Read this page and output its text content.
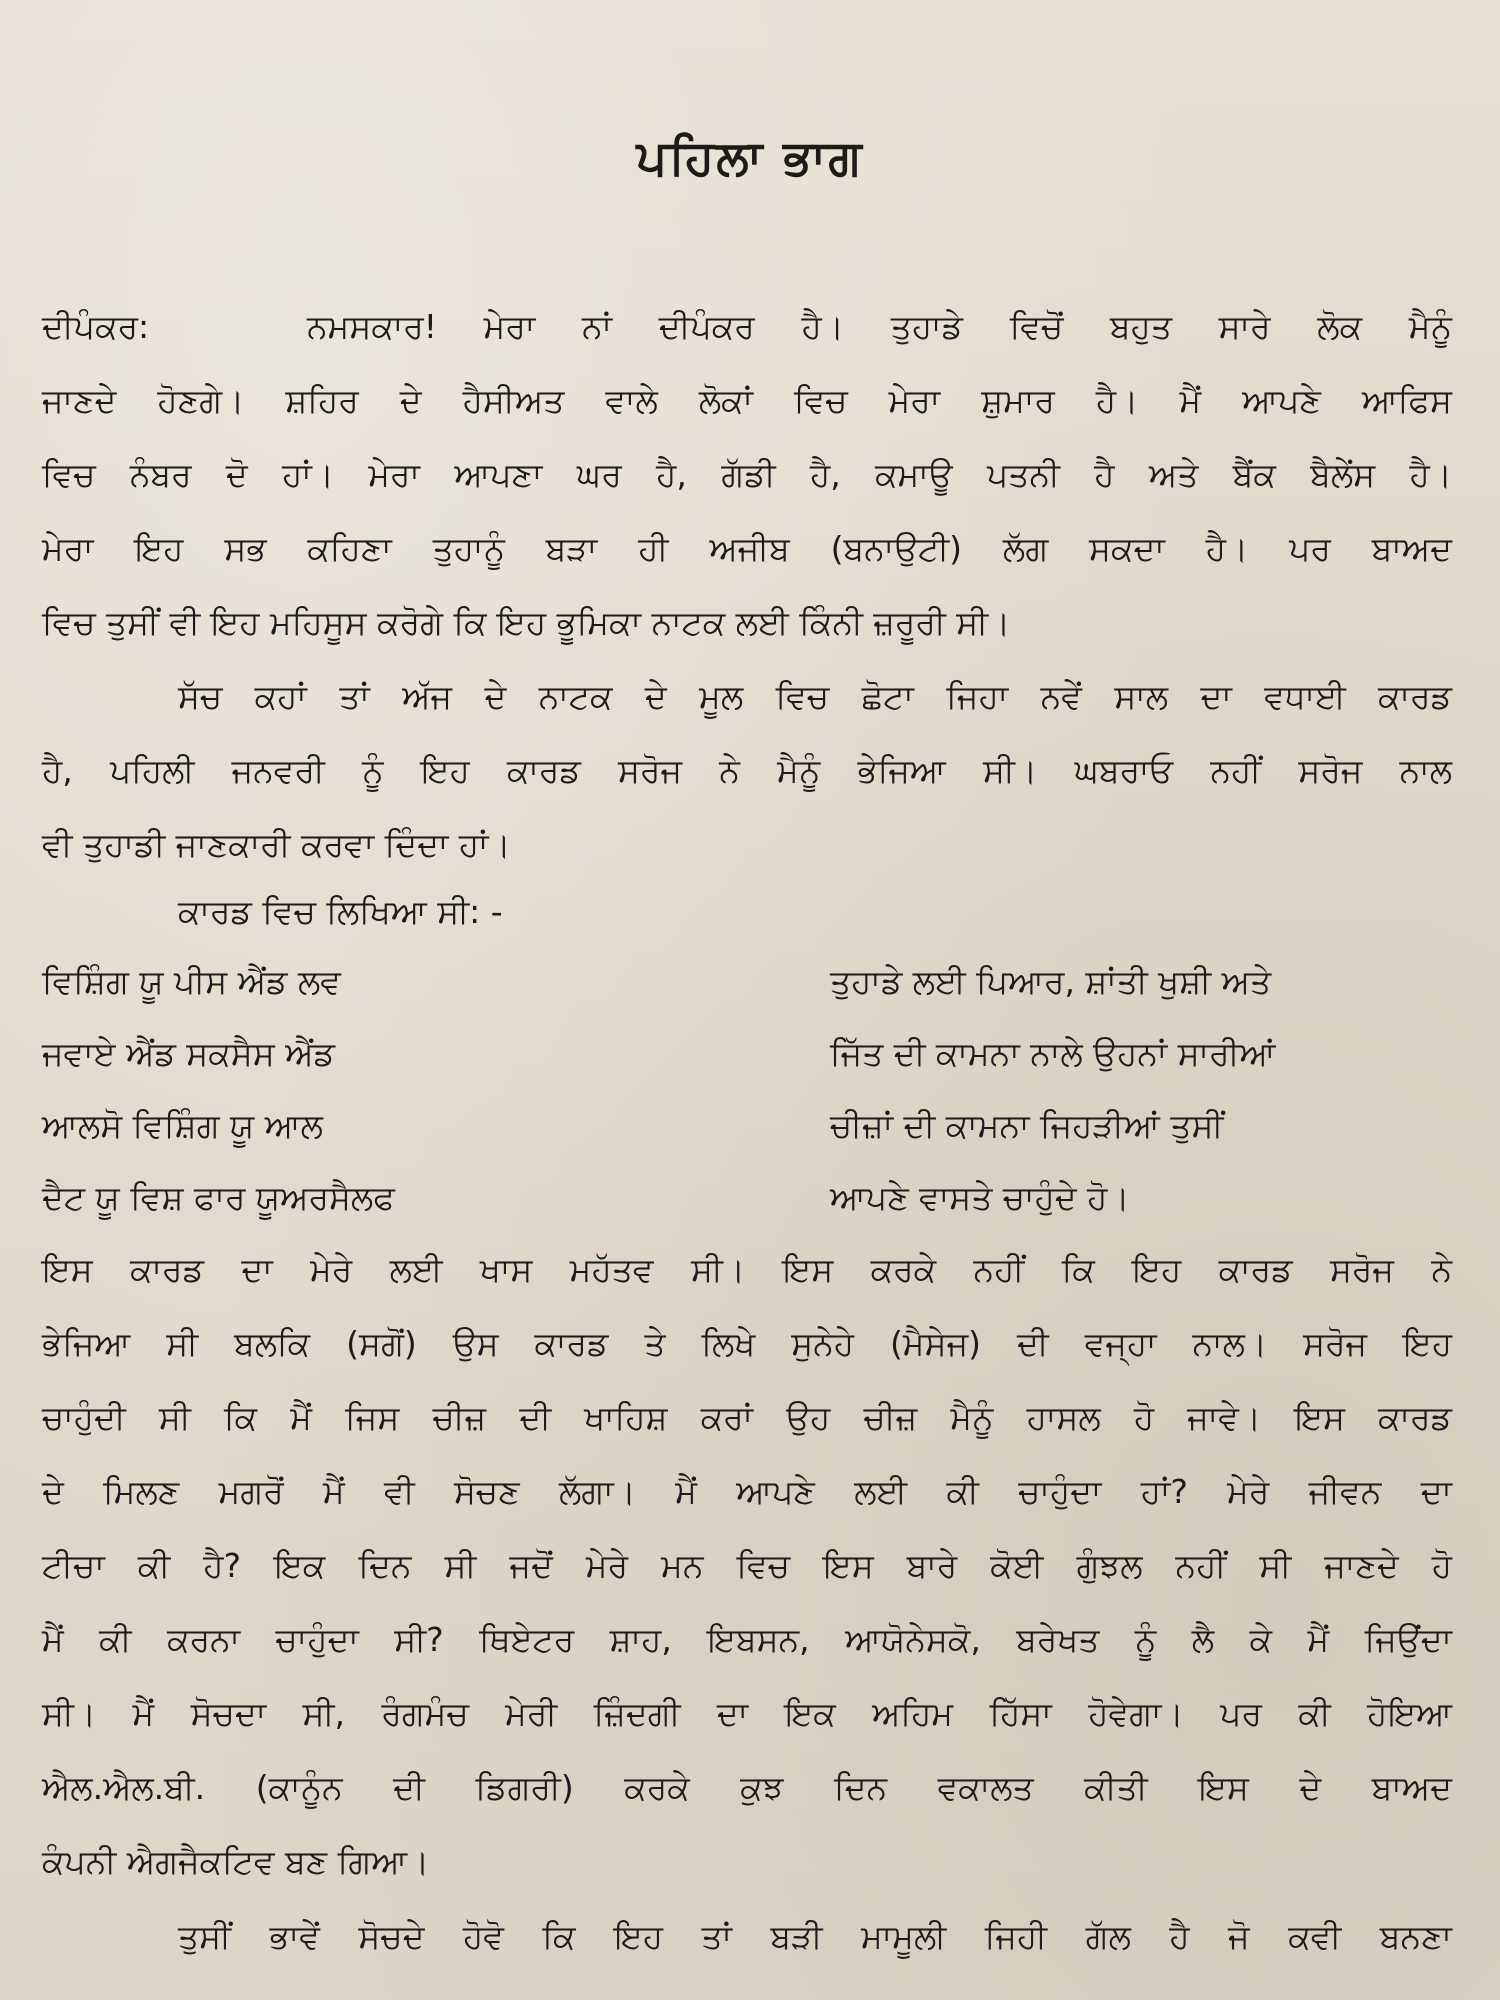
ਪਹਿਲਾ ਭਾਗ
ਦੀਪੰਕਰ:	ਨਮਸਕਾਰ! ਮੇਰਾ ਨਾਂ ਦੀਪੰਕਰ ਹੈ। ਤੁਹਾਡੇ ਵਿਚੋਂ ਬਹੁਤ ਸਾਰੇ ਲੋਕ ਮੈਨੂੰ
ਜਾਣਦੇ ਹੋਣਗੇ। ਸ਼ਹਿਰ ਦੇ ਹੈਸੀਅਤ ਵਾਲੇ ਲੋਕਾਂ ਵਿਚ ਮੇਰਾ ਸ਼ੁਮਾਰ ਹੈ। ਮੈਂ ਆਪਣੇ ਆਫਿਸ
ਵਿਚ ਨੰਬਰ ਦੋ ਹਾਂ। ਮੇਰਾ ਆਪਣਾ ਘਰ ਹੈ, ਗੱਡੀ ਹੈ, ਕਮਾਊ ਪਤਨੀ ਹੈ ਅਤੇ ਬੈਂਕ ਬੈਲੇਂਸ ਹੈ।
ਮੇਰਾ ਇਹ ਸਭ ਕਹਿਣਾ ਤੁਹਾਨੂੰ ਬੜਾ ਹੀ ਅਜੀਬ (ਬਨਾਉਟੀ) ਲੱਗ ਸਕਦਾ ਹੈ। ਪਰ ਬਾਅਦ
ਵਿਚ ਤੁਸੀਂ ਵੀ ਇਹ ਮਹਿਸੂਸ ਕਰੋਗੇ ਕਿ ਇਹ ਭੂਮਿਕਾ ਨਾਟਕ ਲਈ ਕਿੰਨੀ ਜ਼ਰੂਰੀ ਸੀ।
ਸੱਚ ਕਹਾਂ ਤਾਂ ਅੱਜ ਦੇ ਨਾਟਕ ਦੇ ਮੂਲ ਵਿਚ ਛੋਟਾ ਜਿਹਾ ਨਵੇਂ ਸਾਲ ਦਾ ਵਧਾਈ ਕਾਰਡ
ਹੈ, ਪਹਿਲੀ ਜਨਵਰੀ ਨੂੰ ਇਹ ਕਾਰਡ ਸਰੋਜ ਨੇ ਮੈਨੂੰ ਭੇਜਿਆ ਸੀ। ਘਬਰਾਓ ਨਹੀਂ ਸਰੋਜ ਨਾਲ
ਵੀ ਤੁਹਾਡੀ ਜਾਣਕਾਰੀ ਕਰਵਾ ਦਿੰਦਾ ਹਾਂ।
ਕਾਰਡ ਵਿਚ ਲਿਖਿਆ ਸੀ: -
ਵਿਸ਼ਿੰਗ ਯੂ ਪੀਸ ਐਂਡ ਲਵ
ਜਵਾਏ ਐਂਡ ਸਕਸੈਸ ਐਂਡ
ਆਲਸੋ ਵਿਸ਼ਿੰਗ ਯੂ ਆਲ
ਦੈਟ ਯੂ ਵਿਸ਼ ਫਾਰ ਯੂਅਰਸੈਲਫ
ਤੁਹਾਡੇ ਲਈ ਪਿਆਰ, ਸ਼ਾਂਤੀ ਖੁਸ਼ੀ ਅਤੇ
ਜਿੱਤ ਦੀ ਕਾਮਨਾ ਨਾਲੇ ਉਹਨਾਂ ਸਾਰੀਆਂ
ਚੀਜ਼ਾਂ ਦੀ ਕਾਮਨਾ ਜਿਹੜੀਆਂ ਤੁਸੀਂ
ਆਪਣੇ ਵਾਸਤੇ ਚਾਹੁੰਦੇ ਹੋ।
ਇਸ ਕਾਰਡ ਦਾ ਮੇਰੇ ਲਈ ਖਾਸ ਮਹੱਤਵ ਸੀ। ਇਸ ਕਰਕੇ ਨਹੀਂ ਕਿ ਇਹ ਕਾਰਡ ਸਰੋਜ ਨੇ
ਭੇਜਿਆ ਸੀ ਬਲਕਿ (ਸਗੋਂ) ਉਸ ਕਾਰਡ ਤੇ ਲਿਖੇ ਸੁਨੇਹੇ (ਮੈਸੇਜ) ਦੀ ਵਜ੍ਹਾ ਨਾਲ। ਸਰੋਜ ਇਹ
ਚਾਹੁੰਦੀ ਸੀ ਕਿ ਮੈਂ ਜਿਸ ਚੀਜ਼ ਦੀ ਖਾਹਿਸ਼ ਕਰਾਂ ਉਹ ਚੀਜ਼ ਮੈਨੂੰ ਹਾਸਲ ਹੋ ਜਾਵੇ। ਇਸ ਕਾਰਡ
ਦੇ ਮਿਲਣ ਮਗਰੋਂ ਮੈਂ ਵੀ ਸੋਚਣ ਲੱਗਾ। ਮੈਂ ਆਪਣੇ ਲਈ ਕੀ ਚਾਹੁੰਦਾ ਹਾਂ? ਮੇਰੇ ਜੀਵਨ ਦਾ
ਟੀਚਾ ਕੀ ਹੈ? ਇਕ ਦਿਨ ਸੀ ਜਦੋਂ ਮੇਰੇ ਮਨ ਵਿਚ ਇਸ ਬਾਰੇ ਕੋਈ ਗੁੰਝਲ ਨਹੀਂ ਸੀ ਜਾਣਦੇ ਹੋ
ਮੈਂ ਕੀ ਕਰਨਾ ਚਾਹੁੰਦਾ ਸੀ? ਥਿਏਟਰ ਸ਼ਾਹ, ਇਬਸਨ, ਆਯੋਨੇਸਕੋ, ਬਰੇਖਤ ਨੂੰ ਲੈ ਕੇ ਮੈਂ ਜਿਉਂਦਾ
ਸੀ। ਮੈਂ ਸੋਚਦਾ ਸੀ, ਰੰਗਮੰਚ ਮੇਰੀ ਜ਼ਿੰਦਗੀ ਦਾ ਇਕ ਅਹਿਮ ਹਿੱਸਾ ਹੋਵੇਗਾ। ਪਰ ਕੀ ਹੋਇਆ
ਐਲ.ਐਲ.ਬੀ. (ਕਾਨੂੰਨ ਦੀ ਡਿਗਰੀ) ਕਰਕੇ ਕੁਝ ਦਿਨ ਵਕਾਲਤ ਕੀਤੀ ਇਸ ਦੇ ਬਾਅਦ
ਕੰਪਨੀ ਐਗਜੈਕਟਿਵ ਬਣ ਗਿਆ।
ਤੁਸੀਂ ਭਾਵੇਂ ਸੋਚਦੇ ਹੋਵੋ ਕਿ ਇਹ ਤਾਂ ਬੜੀ ਮਾਮੂਲੀ ਜਿਹੀ ਗੱਲ ਹੈ ਜੋ ਕਵੀ ਬਨਣਾ
